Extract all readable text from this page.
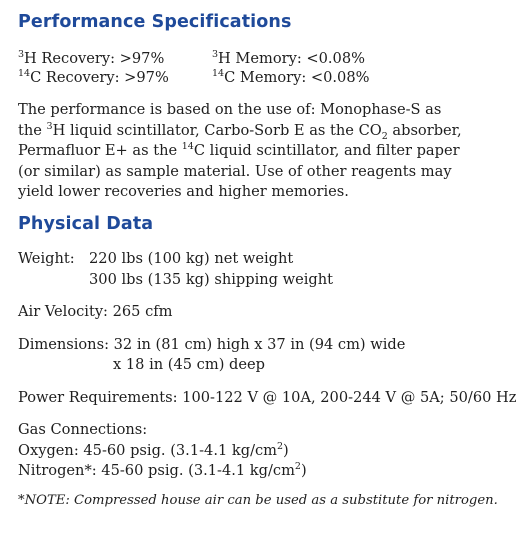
Performance Specifications

$^3$H Recovery: >97%	$^3$H Memory: <0.08%

$^{14}$C Recovery: >97%	$^{14}$C Memory: <0.08%

The performance is based on the use of: Monophase-S as
the $^3$H liquid scintillator, Carbo-Sorb E as the $CO_2$ absorber,
Permafluor E+ as the $^{14}$C liquid scintillator, and filter paper
(or similar) as sample material. Use of other reagents may
yield lower recoveries and higher memories.

Physical Data

Weight: 220 lbs (100 kg) net weight

300 lbs (135 kg) shipping weight

Air Velocity: 265 cfm

Dimensions: 32 in (81 cm) high x 37 in (94 cm) wide

x 18 in (45 cm) deep

Power Requirements: 100-122 V @ 10A, 200-244 V @ 5A; 50/60 Hz

Gas Connections:

Oxygen: 45-60 psig. (3.1-4.1 $kg/cm^2$)

Nitrogen*: 45-60 psig. (3.1-4.1 $kg/cm^2$)

*NOTE: Compressed house air can be used as a substitute for nitrogen.
